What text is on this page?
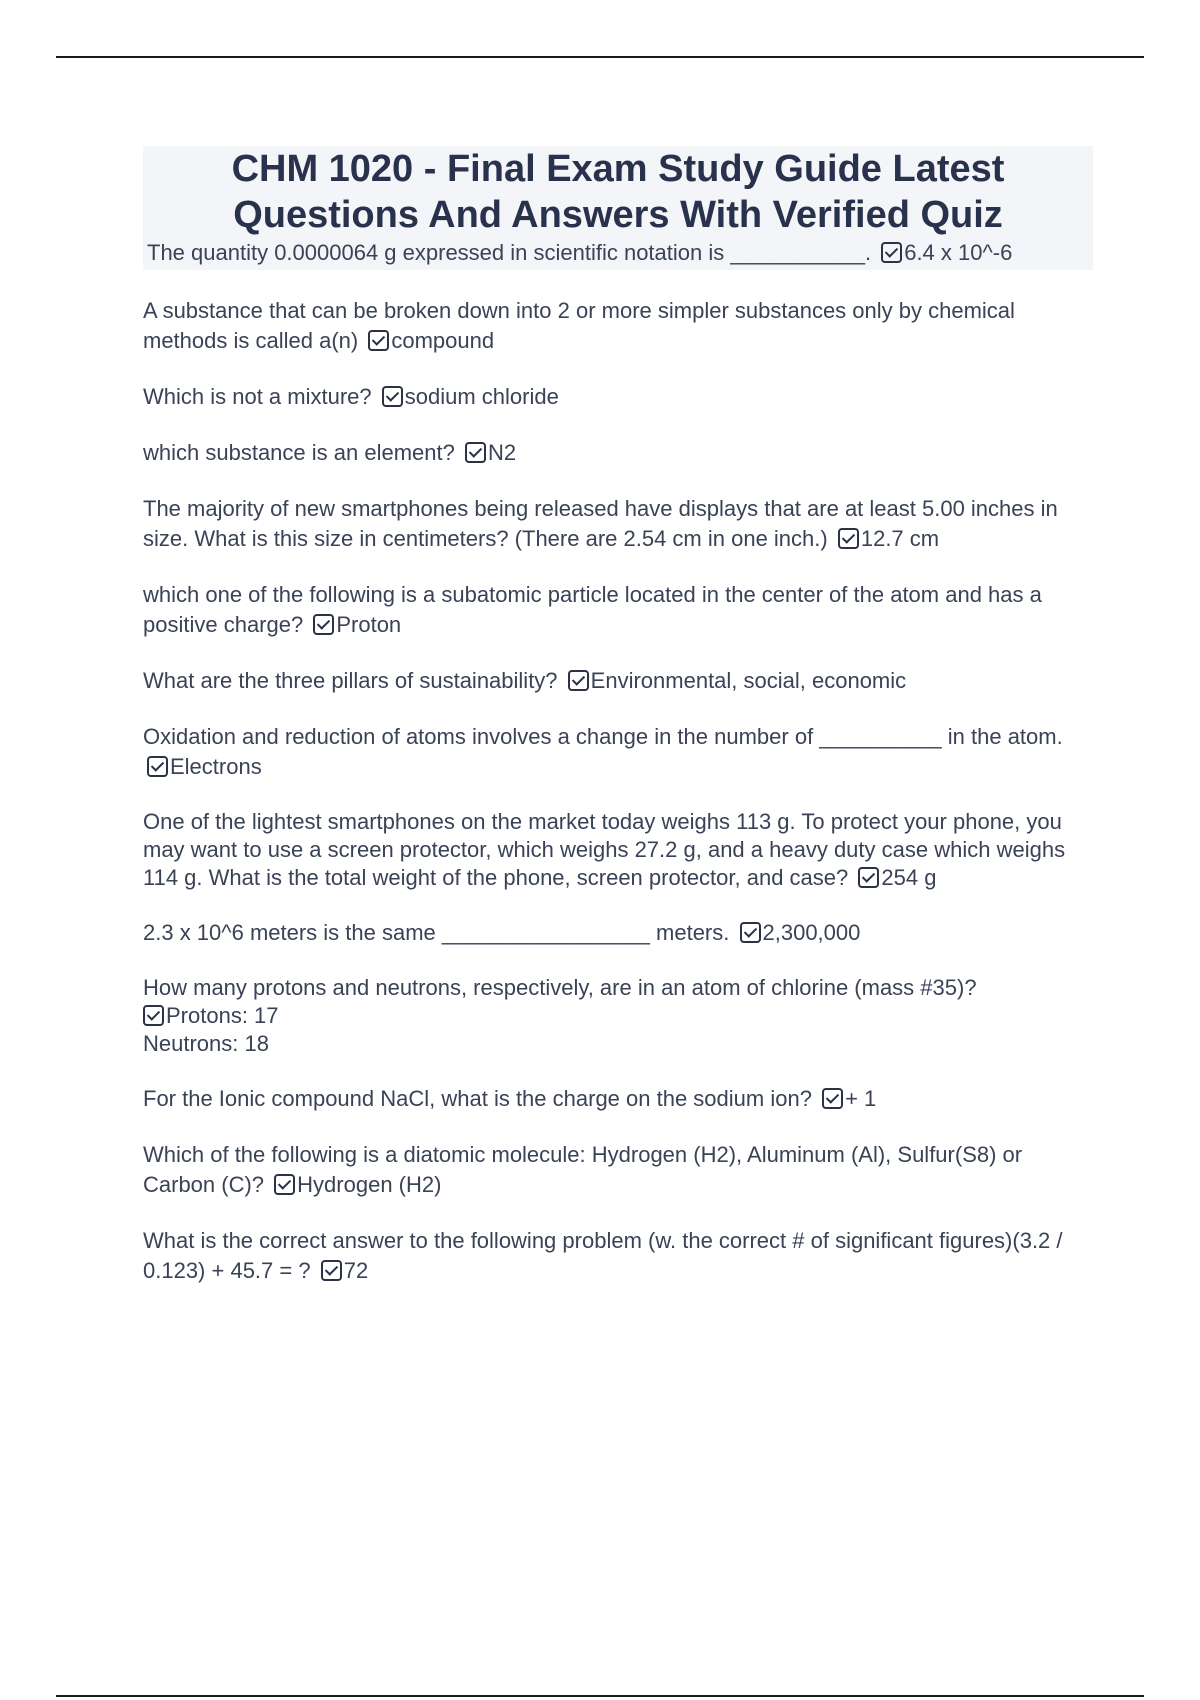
CHM 1020 - Final Exam Study Guide Latest Questions And Answers With Verified Quiz
The quantity 0.0000064 g expressed in scientific notation is ___________. 6.4 x 10^-6
A substance that can be broken down into 2 or more simpler substances only by chemical methods is called a(n) compound
Which is not a mixture? sodium chloride
which substance is an element? N2
The majority of new smartphones being released have displays that are at least 5.00 inches in size. What is this size in centimeters? (There are 2.54 cm in one inch.) 12.7 cm
which one of the following is a subatomic particle located in the center of the atom and has a positive charge? Proton
What are the three pillars of sustainability? Environmental, social, economic
Oxidation and reduction of atoms involves a change in the number of __________ in the atom. Electrons
One of the lightest smartphones on the market today weighs 113 g. To protect your phone, you may want to use a screen protector, which weighs 27.2 g, and a heavy duty case which weighs 114 g. What is the total weight of the phone, screen protector, and case? 254 g
2.3 x 10^6 meters is the same _________________ meters. 2,300,000
How many protons and neutrons, respectively, are in an atom of chlorine (mass #35)?
Protons: 17
Neutrons: 18
For the Ionic compound NaCl, what is the charge on the sodium ion? + 1
Which of the following is a diatomic molecule: Hydrogen (H2), Aluminum (Al), Sulfur(S8) or Carbon (C)? Hydrogen (H2)
What is the correct answer to the following problem (w. the correct # of significant figures)(3.2 / 0.123) + 45.7 = ? 72
